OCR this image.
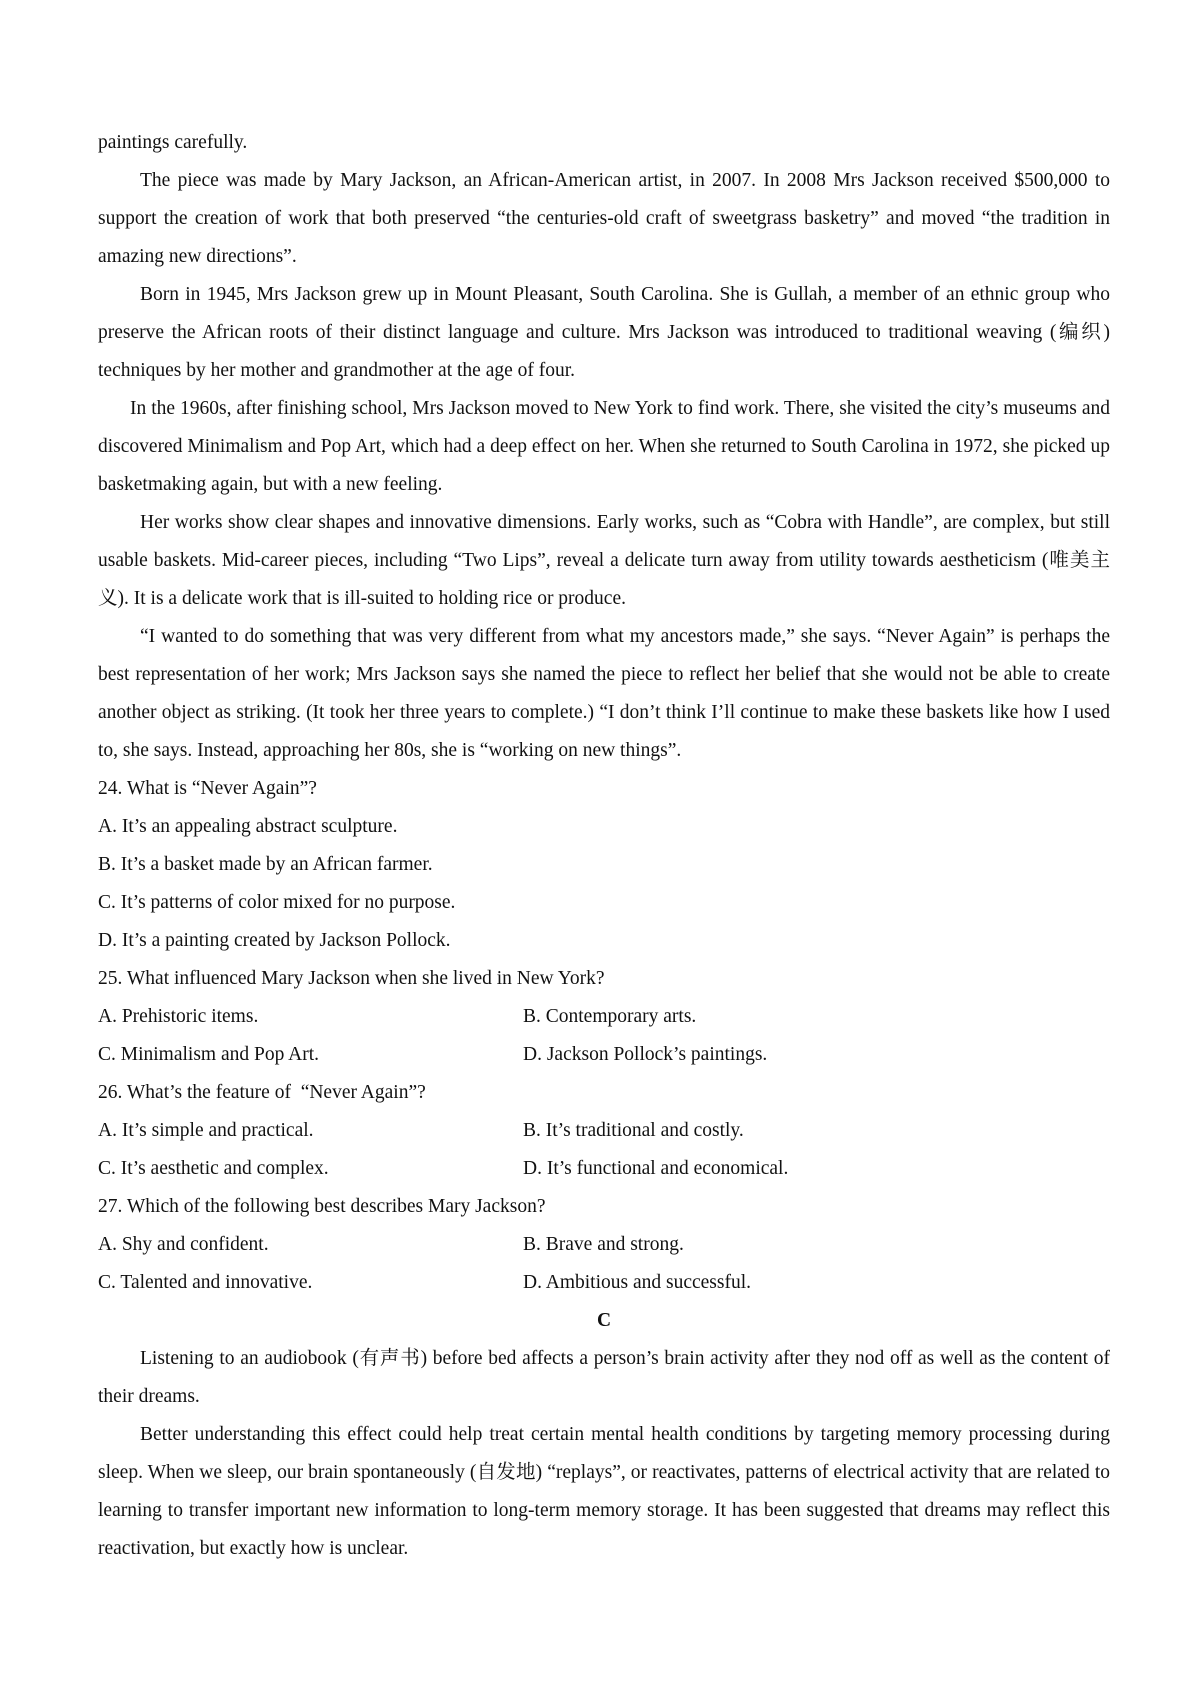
paintings carefully.

The piece was made by Mary Jackson, an African-American artist, in 2007. In 2008 Mrs Jackson received $500,000 to support the creation of work that both preserved “the centuries-old craft of sweetgrass basketry” and moved “the tradition in amazing new directions”.

Born in 1945, Mrs Jackson grew up in Mount Pleasant, South Carolina. She is Gullah, a member of an ethnic group who preserve the African roots of their distinct language and culture. Mrs Jackson was introduced to traditional weaving (编织) techniques by her mother and grandmother at the age of four.

In the 1960s, after finishing school, Mrs Jackson moved to New York to find work. There, she visited the city’s museums and discovered Minimalism and Pop Art, which had a deep effect on her. When she returned to South Carolina in 1972, she picked up basketmaking again, but with a new feeling.

Her works show clear shapes and innovative dimensions. Early works, such as “Cobra with Handle”, are complex, but still usable baskets. Mid-career pieces, including “Two Lips”, reveal a delicate turn away from utility towards aestheticism (唯美主义). It is a delicate work that is ill-suited to holding rice or produce.

“I wanted to do something that was very different from what my ancestors made,” she says. “Never Again” is perhaps the best representation of her work; Mrs Jackson says she named the piece to reflect her belief that she would not be able to create another object as striking. (It took her three years to complete.) “I don’t think I’ll continue to make these baskets like how I used to, she says. Instead, approaching her 80s, she is “working on new things”.

24. What is “Never Again”?
A. It’s an appealing abstract sculpture.
B. It’s a basket made by an African farmer.
C. It’s patterns of color mixed for no purpose.
D. It’s a painting created by Jackson Pollock.
25. What influenced Mary Jackson when she lived in New York?
A. Prehistoric items.	B. Contemporary arts.
C. Minimalism and Pop Art.	D. Jackson Pollock’s paintings.
26. What’s the feature of  “Never Again”?
A. It’s simple and practical.	B. It’s traditional and costly.
C. It’s aesthetic and complex.	D. It’s functional and economical.
27. Which of the following best describes Mary Jackson?
A. Shy and confident.	B. Brave and strong.
C. Talented and innovative.	D. Ambitious and successful.
C

Listening to an audiobook (有声书) before bed affects a person’s brain activity after they nod off as well as the content of their dreams.

Better understanding this effect could help treat certain mental health conditions by targeting memory processing during sleep. When we sleep, our brain spontaneously (自发地) “replays”, or reactivates, patterns of electrical activity that are related to learning to transfer important new information to long-term memory storage. It has been suggested that dreams may reflect this reactivation, but exactly how is unclear.
